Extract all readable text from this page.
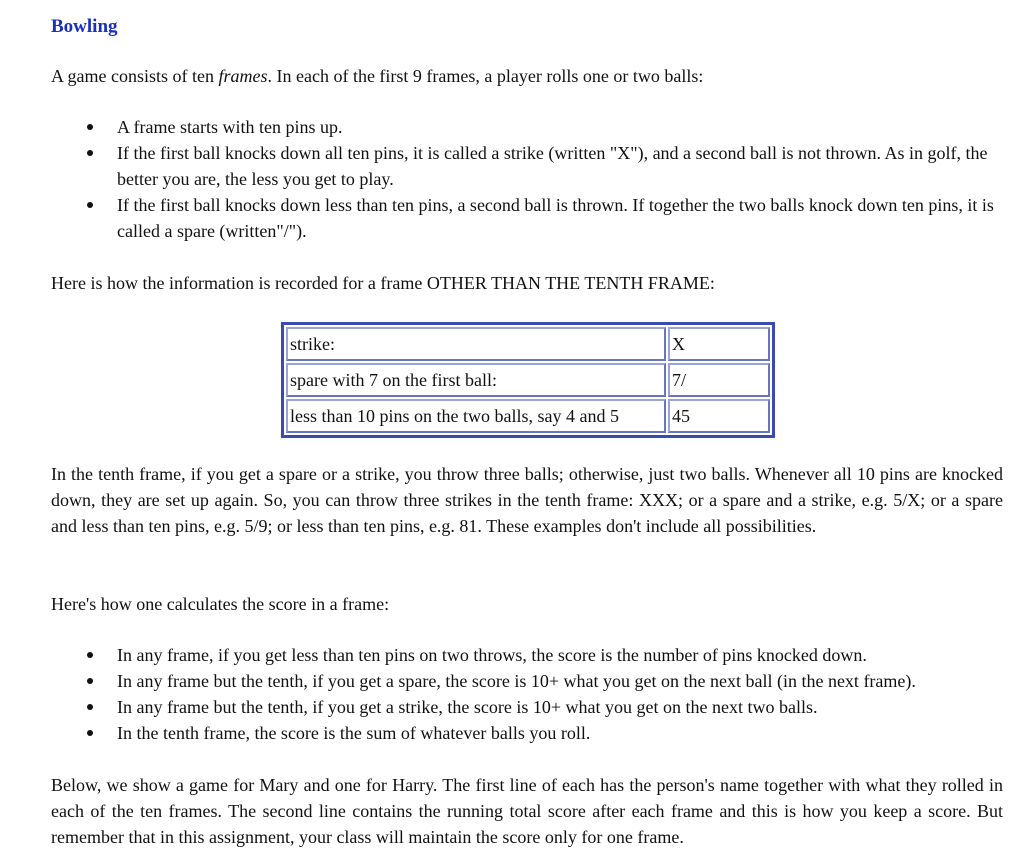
Bowling

A game consists of ten frames. In each of the first 9 frames, a player rolls one or two balls:

A frame starts with ten pins up.
If the first ball knocks down all ten pins, it is called a strike (written "X"), and a second ball is not thrown. As in golf, the better you are, the less you get to play.
If the first ball knocks down less than ten pins, a second ball is thrown. If together the two balls knock down ten pins, it is called a spare (written"/").

Here is how the information is recorded for a frame OTHER THAN THE TENTH FRAME:

strike:	X
spare with 7 on the first ball:	7/
less than 10 pins on the two balls, say 4 and 5	45

In the tenth frame, if you get a spare or a strike, you throw three balls; otherwise, just two balls. Whenever all 10 pins are knocked down, they are set up again. So, you can throw three strikes in the tenth frame: XXX; or a spare and a strike, e.g. 5/X; or a spare and less than ten pins, e.g. 5/9; or less than ten pins, e.g. 81. These examples don't include all possibilities.

Here's how one calculates the score in a frame:

In any frame, if you get less than ten pins on two throws, the score is the number of pins knocked down.
In any frame but the tenth, if you get a spare, the score is 10+ what you get on the next ball (in the next frame).
In any frame but the tenth, if you get a strike, the score is 10+ what you get on the next two balls.
In the tenth frame, the score is the sum of whatever balls you roll.

Below, we show a game for Mary and one for Harry. The first line of each has the person's name together with what they rolled in each of the ten frames. The second line contains the running total score after each frame and this is how you keep a score. But remember that in this assignment, your class will maintain the score only for one frame.
